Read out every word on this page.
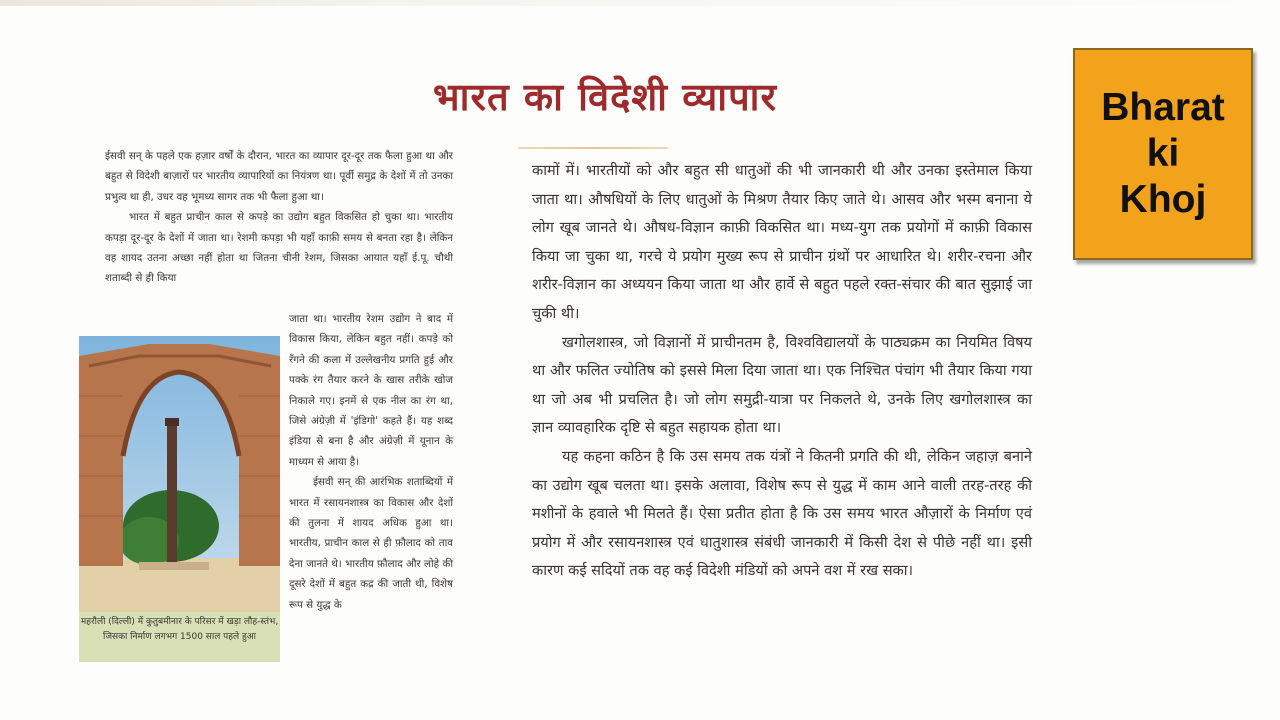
भारत का विदेशी व्यापार	Bharat
ki
Khoj

ईसवी सन् के पहले एक हज़ार वर्षों के दौरान, भारत का व्यापार दूर-दूर तक फैला हुआ था और बहुत से विदेशी बाज़ारों पर भारतीय व्यापारियों का नियंत्रण था। पूर्वी समुद्र के देशों में तो उनका प्रभुत्व था ही, उधर वह भूमध्य सागर तक भी फैला हुआ था।

भारत में बहुत प्राचीन काल से कपड़े का उद्योग बहुत विकसित हो चुका था। भारतीय कपड़ा दूर-दूर के देशों में जाता था। रेशमी कपड़ा भी यहाँ काफ़ी समय से बनता रहा है। लेकिन वह शायद उतना अच्छा नहीं होता था जितना चीनी रेशम, जिसका आयात यहाँ ई.पू. चौथी शताब्दी से ही किया

महरौली (दिल्ली) में कुतुबमीनार के परिसर में खड़ा लौह-स्तंभ, जिसका निर्माण लगभग 1500 साल पहले हुआ

जाता था। भारतीय रेशम उद्योग ने बाद में विकास किया, लेकिन बहुत नहीं। कपड़े को रँगने की कला में उल्लेखनीय प्रगति हुई और पक्के रंग तैयार करने के खास तरीके खोज निकाले गए। इनमें से एक नील का रंग था, जिसे अंग्रेज़ी में 'इंडिगो' कहते हैं। यह शब्द इंडिया से बना है और अंग्रेज़ी में यूनान के माध्यम से आया है।

ईसवी सन् की आरंभिक शताब्दियों में भारत में रसायनशास्त्र का विकास और देशों की तुलना में शायद अधिक हुआ था। भारतीय, प्राचीन काल से ही फ़ौलाद को ताव देना जानते थे। भारतीय फ़ौलाद और लोहे की दूसरे देशों में बहुत कद्र की जाती थी, विशेष रूप से युद्ध के

कामों में। भारतीयों को और बहुत सी धातुओं की भी जानकारी थी और उनका इस्तेमाल किया जाता था। औषधियों के लिए धातुओं के मिश्रण तैयार किए जाते थे। आसव और भस्म बनाना ये लोग खूब जानते थे। औषध-विज्ञान काफ़ी विकसित था। मध्य-युग तक प्रयोगों में काफ़ी विकास किया जा चुका था, गरचे ये प्रयोग मुख्य रूप से प्राचीन ग्रंथों पर आधारित थे। शरीर-रचना और शरीर-विज्ञान का अध्ययन किया जाता था और हार्वे से बहुत पहले रक्त-संचार की बात सुझाई जा चुकी थी।

खगोलशास्त्र, जो विज्ञानों में प्राचीनतम है, विश्वविद्यालयों के पाठ्यक्रम का नियमित विषय था और फलित ज्योतिष को इससे मिला दिया जाता था। एक निश्चित पंचांग भी तैयार किया गया था जो अब भी प्रचलित है। जो लोग समुद्री-यात्रा पर निकलते थे, उनके लिए खगोलशास्त्र का ज्ञान व्यावहारिक दृष्टि से बहुत सहायक होता था।

यह कहना कठिन है कि उस समय तक यंत्रों ने कितनी प्रगति की थी, लेकिन जहाज़ बनाने का उद्योग खूब चलता था। इसके अलावा, विशेष रूप से युद्ध में काम आने वाली तरह-तरह की मशीनों के हवाले भी मिलते हैं। ऐसा प्रतीत होता है कि उस समय भारत औज़ारों के निर्माण एवं प्रयोग में और रसायनशास्त्र एवं धातुशास्त्र संबंधी जानकारी में किसी देश से पीछे नहीं था। इसी कारण कई सदियों तक वह कई विदेशी मंडियों को अपने वश में रख सका।
